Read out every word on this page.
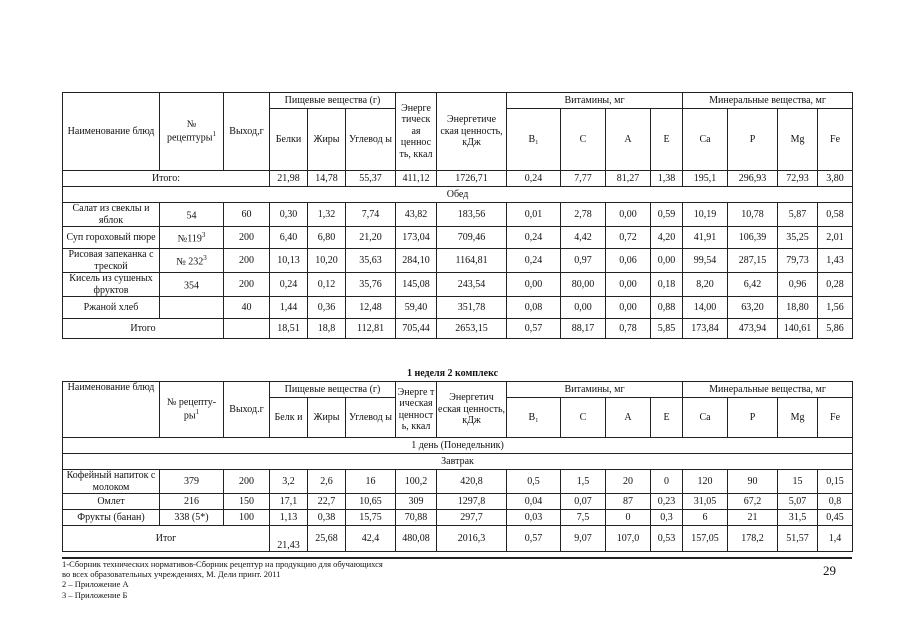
Наименование блюд	№ рецептуры$^1$	Выход,г	Пищевые вещества (г)			Энерге тическ ая ценнос ть, ккал	Энергетиче ская ценность, кДж	Витамины, мг				Минеральные вещества, мг			
			Белки	Жиры	Углевод ы			B₁	C	A	E	Ca	P	Mg	Fe
Итого:			21,98	14,78	55,37	411,12	1726,71	0,24	7,77	81,27	1,38	195,1	296,93	72,93	3,80
Обед															
Салат из свеклы и яблок	54	60	0,30	1,32	7,74	43,82	183,56	0,01	2,78	0,00	0,59	10,19	10,78	5,87	0,58
Суп гороховый пюре	$№119^3$	200	6,40	6,80	21,20	173,04	709,46	0,24	4,42	0,72	4,20	41,91	106,39	35,25	2,01
Рисовая запеканка с треской	№ $232^3$	200	10,13	10,20	35,63	284,10	1164,81	0,24	0,97	0,06	0,00	99,54	287,15	79,73	1,43
Кисель из сушеных фруктов	354	200	0,24	0,12	35,76	145,08	243,54	0,00	80,00	0,00	0,18	8,20	6,42	0,96	0,28
Ржаной хлеб		40	1,44	0,36	12,48	59,40	351,78	0,08	0,00	0,00	0,88	14,00	63,20	18,80	1,56
Итого			18,51	18,8	112,81	705,44	2653,15	0,57	88,17	0,78	5,85	173,84	473,94	140,61	5,86
1 неделя 2 комплекс
Наименование блюд	№ рецепту- $ры^1$	Выход.г	Пищевые вещества (г)			Энерге т ическая ценност ь, ккал	Энергетич еская ценность, кДж	Витамины, мг				Минеральные вещества, мг			
			Белк и	Жиры	Углевод ы			B₁	C	A	E	Ca	P	Mg	Fe
1 день (Понедельник)															
Завтрак															
Кофейный напиток с молоком	379	200	3,2	2,6	16	100,2	420,8	0,5	1,5	20	0	120	90	15	0,15
Омлет	216	150	17,1	22,7	10,65	309	1297,8	0,04	0,07	87	0,23	31,05	67,2	5,07	0,8
Фрукты (банан)	338 (5*)	100	1,13	0,38	15,75	70,88	297,7	0,03	7,5	0	0,3	6	21	31,5	0,45
Итог			21,43	25,68	42,4	480,08	2016,3	0,57	9,07	107,0	0,53	157,05	178,2	51,57	1,4
1-Сборник технических нормативов-Сборник рецептур на продукцию для обучающихся
во всех образовательных учреждениях, М. Дели принт. 2011
2 – Приложение А
3 – Приложение Б
29
